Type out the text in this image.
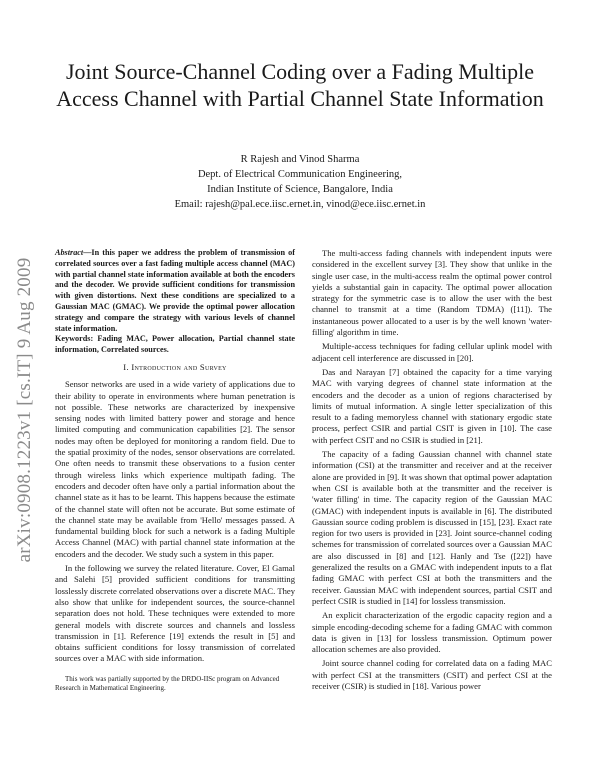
Joint Source-Channel Coding over a Fading Multiple Access Channel with Partial Channel State Information
R Rajesh and Vinod Sharma
Dept. of Electrical Communication Engineering,
Indian Institute of Science, Bangalore, India
Email: rajesh@pal.ece.iisc.ernet.in, vinod@ece.iisc.ernet.in
arXiv:0908.1223v1 [cs.IT] 9 Aug 2009
Abstract—In this paper we address the problem of transmission of correlated sources over a fast fading multiple access channel (MAC) with partial channel state information available at both the encoders and the decoder. We provide sufficient conditions for transmission with given distortions. Next these conditions are specialized to a Gaussian MAC (GMAC). We provide the optimal power allocation strategy and compare the strategy with various levels of channel state information.
Keywords: Fading MAC, Power allocation, Partial channel state information, Correlated sources.
I. Introduction and Survey

Sensor networks are used in a wide variety of applications due to their ability to operate in environments where human penetration is not possible. These networks are characterized by inexpensive sensing nodes with limited battery power and storage and hence limited computing and communication capabilities [2]. The sensor nodes may often be deployed for monitoring a random field. Due to the spatial proximity of the nodes, sensor observations are correlated. One often needs to transmit these observations to a fusion center through wireless links which experience multipath fading. The encoders and decoder often have only a partial information about the channel state as it has to be learnt. This happens because the estimate of the channel state will often not be accurate. But some estimate of the channel state may be available from 'Hello' messages passed. A fundamental building block for such a network is a fading Multiple Access Channel (MAC) with partial channel state information at the encoders and the decoder. We study such a system in this paper.

In the following we survey the related literature. Cover, El Gamal and Salehi [5] provided sufficient conditions for transmitting losslessly discrete correlated observations over a discrete MAC. They also show that unlike for independent sources, the source-channel separation does not hold. These techniques were extended to more general models with discrete sources and channels and lossless transmission in [1]. Reference [19] extends the result in [5] and obtains sufficient conditions for lossy transmission of correlated sources over a MAC with side information.

This work was partially supported by the DRDO-IISc program on Advanced Research in Mathematical Engineering.

The multi-access fading channels with independent inputs were considered in the excellent survey [3]. They show that unlike in the single user case, in the multi-access realm the optimal power control yields a substantial gain in capacity. The optimal power allocation strategy for the symmetric case is to allow the user with the best channel to transmit at a time (Random TDMA) ([11]). The instantaneous power allocated to a user is by the well known 'water-filling' algorithm in time.

Multiple-access techniques for fading cellular uplink model with adjacent cell interference are discussed in [20].

Das and Narayan [7] obtained the capacity for a time varying MAC with varying degrees of channel state information at the encoders and the decoder as a union of regions characterised by limits of mutual information. A single letter specialization of this result to a fading memoryless channel with stationary ergodic state process, perfect CSIR and partial CSIT is given in [10]. The case with perfect CSIT and no CSIR is studied in [21].

The capacity of a fading Gaussian channel with channel state information (CSI) at the transmitter and receiver and at the receiver alone are provided in [9]. It was shown that optimal power adaptation when CSI is available both at the transmitter and the receiver is 'water filling' in time. The capacity region of the Gaussian MAC (GMAC) with independent inputs is available in [6]. The distributed Gaussian source coding problem is discussed in [15], [23]. Exact rate region for two users is provided in [23]. Joint source-channel coding schemes for transmission of correlated sources over a Gaussian MAC are also discussed in [8] and [12]. Hanly and Tse ([22]) have generalized the results on a GMAC with independent inputs to a flat fading GMAC with perfect CSI at both the transmitters and the receiver. Gaussian MAC with independent sources, partial CSIT and perfect CSIR is studied in [14] for lossless transmission.

An explicit characterization of the ergodic capacity region and a simple encoding-decoding scheme for a fading GMAC with common data is given in [13] for lossless transmission. Optimum power allocation schemes are also provided.

Joint source channel coding for correlated data on a fading MAC with perfect CSI at the transmitters (CSIT) and perfect CSI at the receiver (CSIR) is studied in [18]. Various power
